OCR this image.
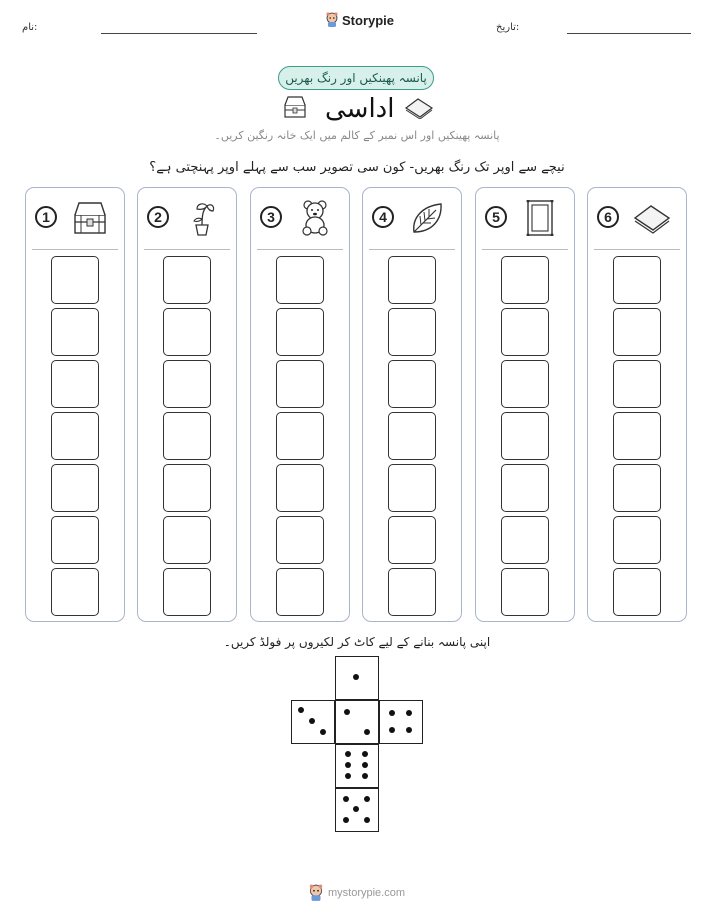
نام:	Storypie	تاریخ:
پانسہ پھینکیں اور رنگ بھریں
اداسی
پانسہ پھینکیں اور اس نمبر کے کالم میں ایک خانہ رنگین کریں۔
نیچے سے اوپر تک رنگ بھریں- کون سی تصویر سب سے پہلے اوپر پہنچتی ہے؟
1	2	3	4	5	6
اپنی پانسہ بنانے کے لیے کاٹ کر لکیروں پر فولڈ کریں۔
mystorypie.com
